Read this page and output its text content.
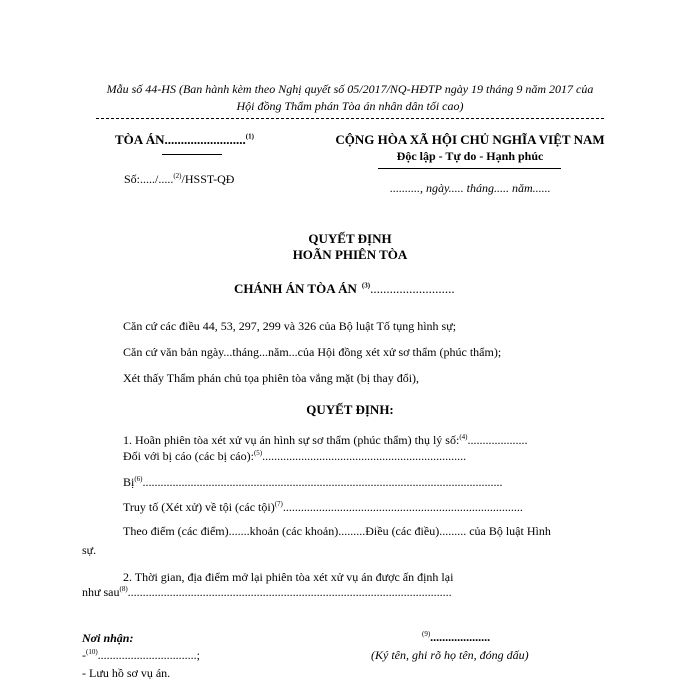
Mẫu số 44-HS (Ban hành kèm theo Nghị quyết số 05/2017/NQ-HĐTP ngày 19 tháng 9 năm 2017 của
Hội đồng Thẩm phán Tòa án nhân dân tối cao)
TÒA ÁN.........................$^{(1)}$
Số:...../.....$^{(2)}$/HSST-QĐ
CỘNG HÒA XÃ HỘI CHỦ NGHĨA VIỆT NAM
Độc lập - Tự do - Hạnh phúc
.........., ngày..... tháng..... năm......
QUYẾT ĐỊNH
HOÃN PHIÊN TÒA
CHÁNH ÁN TÒA ÁN $^{(3)}$..........................
Căn cứ các điều 44, 53, 297, 299 và 326 của Bộ luật Tố tụng hình sự;
Căn cứ văn bản ngày...tháng...năm...của Hội đồng xét xử sơ thẩm (phúc thẩm);
Xét thấy Thẩm phán chủ tọa phiên tòa vắng mặt (bị thay đổi),
QUYẾT ĐỊNH:
1. Hoãn phiên tòa xét xử vụ án hình sự sơ thẩm (phúc thẩm) thụ lý số:$^{(4)}$....................
Đối với bị cáo (các bị cáo):$^{(5)}$....................................................................
Bị$^{(6)}$........................................................................................................................
Truy tố (Xét xử) về tội (các tội)$^{(7)}$................................................................................
Theo điểm (các điểm).......khoản (các khoản).........Điều (các điều)......... của Bộ luật Hình
sự.
2. Thời gian, địa điểm mở lại phiên tòa xét xử vụ án được ấn định lại
như sau$^{(8)}$............................................................................................................
Nơi nhận:
-$^{(10)}$.................................;
- Lưu hồ sơ vụ án.
$^{(9)}$....................
(Ký tên, ghi rõ họ tên, đóng dấu)
